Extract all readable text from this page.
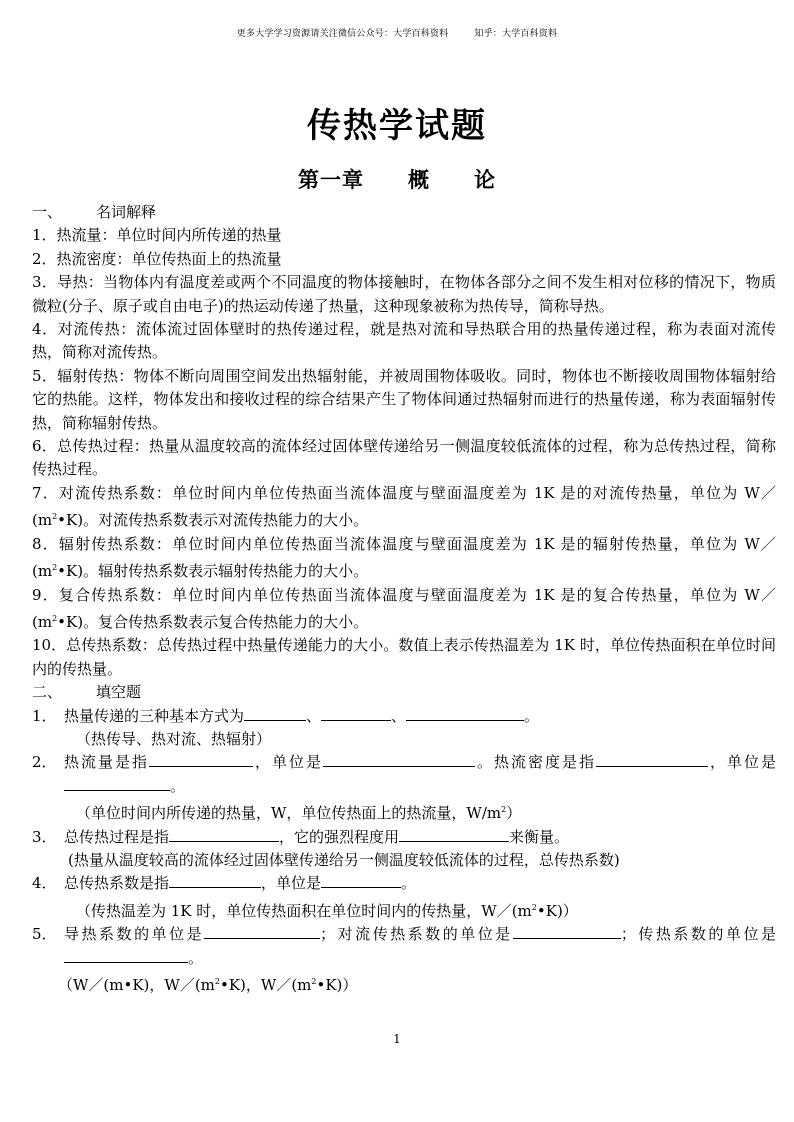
更多大学学习资源请关注微信公众号：大学百科资料	知乎：大学百科资料
传热学试题
第一章 概 论

一、 名词解释

1．热流量：单位时间内所传递的热量

2．热流密度：单位传热面上的热流量

3．导热：当物体内有温度差或两个不同温度的物体接触时，在物体各部分之间不发生相对位移的情况下，物质微粒(分子、原子或自由电子)的热运动传递了热量，这种现象被称为热传导，简称导热。

4．对流传热：流体流过固体壁时的热传递过程，就是热对流和导热联合用的热量传递过程，称为表面对流传热，简称对流传热。

5．辐射传热：物体不断向周围空间发出热辐射能，并被周围物体吸收。同时，物体也不断接收周围物体辐射给它的热能。这样，物体发出和接收过程的综合结果产生了物体间通过热辐射而进行的热量传递，称为表面辐射传热，简称辐射传热。

6．总传热过程：热量从温度较高的流体经过固体壁传递给另一侧温度较低流体的过程，称为总传热过程，简称传热过程。

7．对流传热系数：单位时间内单位传热面当流体温度与壁面温度差为 1K 是的对流传热量，单位为 $W/(m^2•K)$。对流传热系数表示对流传热能力的大小。

8．辐射传热系数：单位时间内单位传热面当流体温度与壁面温度差为 1K 是的辐射传热量，单位为 $W/(m^2•K)$。辐射传热系数表示辐射传热能力的大小。

9．复合传热系数：单位时间内单位传热面当流体温度与壁面温度差为 1K 是的复合传热量，单位为 $W/(m^2•K)$。复合传热系数表示复合传热能力的大小。

10．总传热系数：总传热过程中热量传递能力的大小。数值上表示传热温差为 1K 时，单位传热面积在单位时间内的传热量。

二、 填空题

1． 热量传递的三种基本方式为	、	、	。

（热传导、热对流、热辐射）

2． 热流量是指	，单位是	。热流密度是指	，单位是。

（单位时间内所传递的热量，W，单位传热面上的热流量，$W/m^2$）

3． 总传热过程是指	，它的强烈程度用	来衡量。

(热量从温度较高的流体经过固体壁传递给另一侧温度较低流体的过程，总传热系数)

4． 总传热系数是指	，单位是	。

（传热温差为 1K 时，单位传热面积在单位时间内的传热量，$W/(m^2•K)$）

5． 导热系数的单位是	；对流传热系数的单位是	；传热系数的单位是。

（W／(m•K)，$W/(m^2•K)$，$W/(m^2•K)$）

1
